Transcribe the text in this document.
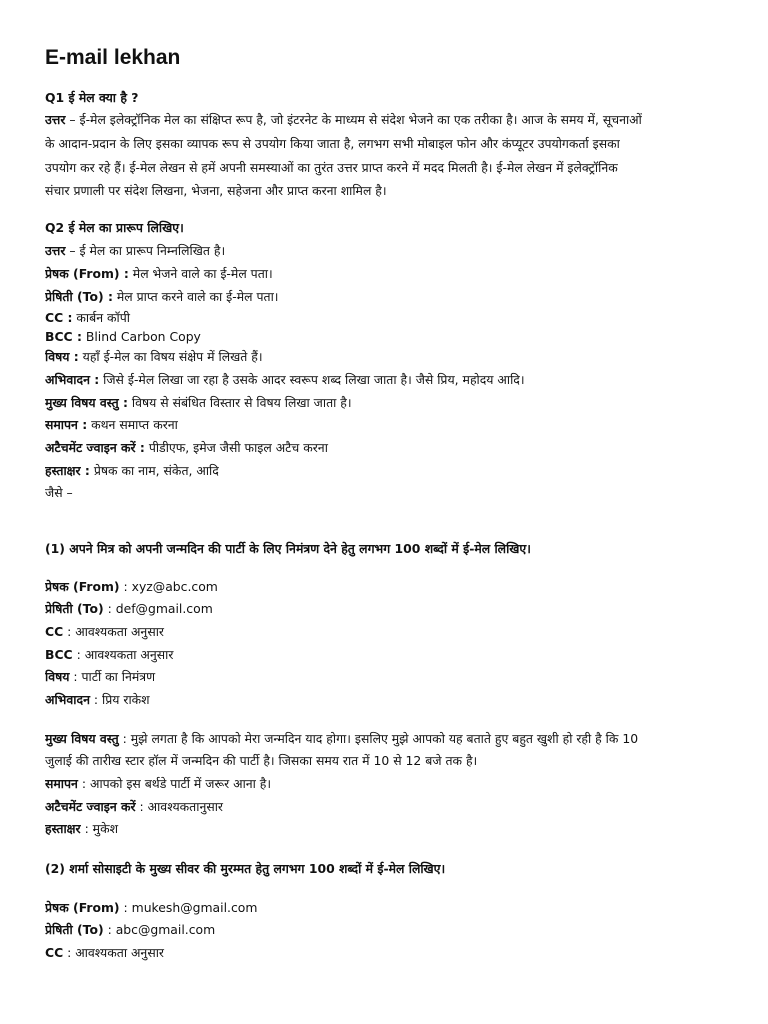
E-mail lekhan
Q1 ई मेल क्या है ?
उत्तर – ई-मेल इलेक्ट्रॉनिक मेल का संक्षिप्त रूप है, जो इंटरनेट के माध्यम से संदेश भेजने का एक तरीका है। आज के समय में, सूचनाओं
के आदान-प्रदान के लिए इसका व्यापक रूप से उपयोग किया जाता है, लगभग सभी मोबाइल फोन और कंप्यूटर उपयोगकर्ता इसका
उपयोग कर रहे हैं। ई-मेल लेखन से हमें अपनी समस्याओं का तुरंत उत्तर प्राप्त करने में मदद मिलती है। ई-मेल लेखन में इलेक्ट्रॉनिक
संचार प्रणाली पर संदेश लिखना, भेजना, सहेजना और प्राप्त करना शामिल है।
Q2 ई मेल का प्रारूप लिखिए।
उत्तर – ई मेल का प्रारूप निम्नलिखित है।
प्रेषक (From) : मेल भेजने वाले का ई-मेल पता।
प्रेषिती (To) : मेल प्राप्त करने वाले का ई-मेल पता।
CC : कार्बन कॉपी
BCC : Blind Carbon Copy
विषय : यहाँ ई-मेल का विषय संक्षेप में लिखते हैं।
अभिवादन : जिसे ई-मेल लिखा जा रहा है उसके आदर स्वरूप शब्द लिखा जाता है। जैसे प्रिय, महोदय आदि।
मुख्य विषय वस्तु : विषय से संबंधित विस्तार से विषय लिखा जाता है।
समापन : कथन समाप्त करना
अटैचमेंट ज्वाइन करें : पीडीएफ, इमेज जैसी फाइल अटैच करना
हस्ताक्षर : प्रेषक का नाम, संकेत, आदि
जैसे –
(1) अपने मित्र को अपनी जन्मदिन की पार्टी के लिए निमंत्रण देने हेतु लगभग 100 शब्दों में ई-मेल लिखिए।
प्रेषक (From) : xyz@abc.com
प्रेषिती (To) : def@gmail.com
CC : आवश्यकता अनुसार
BCC : आवश्यकता अनुसार
विषय : पार्टी का निमंत्रण
अभिवादन : प्रिय राकेश
मुख्य विषय वस्तु : मुझे लगता है कि आपको मेरा जन्मदिन याद होगा। इसलिए मुझे आपको यह बताते हुए बहुत खुशी हो रही है कि 10
जुलाई की तारीख स्टार हॉल में जन्मदिन की पार्टी है। जिसका समय रात में 10 से 12 बजे तक है।
समापन : आपको इस बर्थडे पार्टी में जरूर आना है।
अटैचमेंट ज्वाइन करें : आवश्यकतानुसार
हस्ताक्षर : मुकेश
(2) शर्मा सोसाइटी के मुख्य सीवर की मुरम्मत हेतु लगभग 100 शब्दों में ई-मेल लिखिए।
प्रेषक (From) : mukesh@gmail.com
प्रेषिती (To) : abc@gmail.com
CC : आवश्यकता अनुसार
